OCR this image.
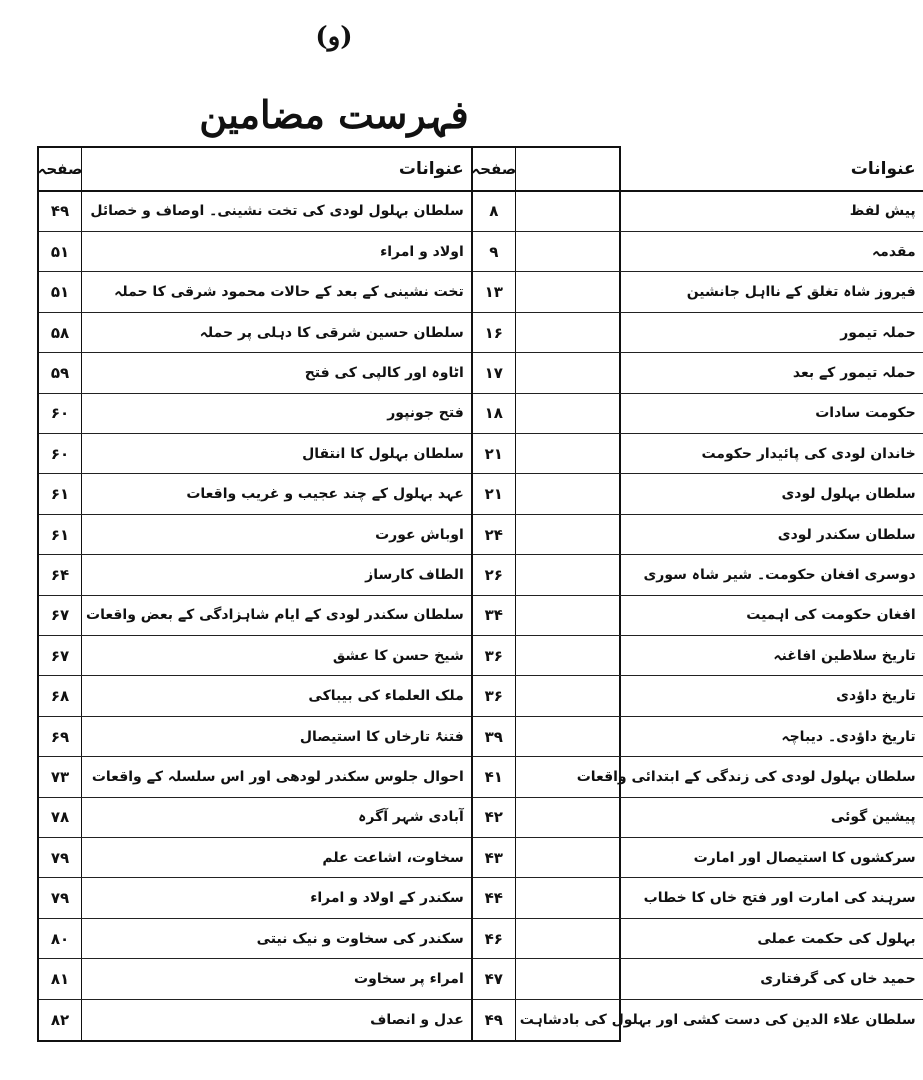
(و)
فہرست مضامین
صفحہ	عنوانات
۴۹	سلطان بہلول لودی کی تخت نشینی۔ اوصاف و خصائل
۵۱	اولاد و امراء
۵۱	تخت نشینی کے بعد کے حالات محمود شرقی کا حملہ
۵۸	سلطان حسین شرقی کا دہلی پر حملہ
۵۹	اٹاوہ اور کالپی کی فتح
۶۰	فتح جونپور
۶۰	سلطان بہلول کا انتقال
۶۱	عہد بہلول کے چند عجیب و غریب واقعات
۶۱	اوباش عورت
۶۴	الطاف کارساز
۶۷	سلطان سکندر لودی کے ایام شاہزادگی کے بعض واقعات
۶۷	شیخ حسن کا عشق
۶۸	ملک العلماء کی بیباکی
۶۹	فتنۂ تارخاں کا استیصال
۷۳	احوال جلوس سکندر لودھی اور اس سلسلہ کے واقعات
۷۸	آبادی شہر آگرہ
۷۹	سخاوت، اشاعت علم
۷۹	سکندر کے اولاد و امراء
۸۰	سکندر کی سخاوت و نیک نیتی
۸۱	امراء پر سخاوت
۸۲	عدل و انصاف
صفحہ	عنوانات
۸	پیش لفظ
۹	مقدمہ
۱۳	فیروز شاہ تغلق کے نااہل جانشین
۱۶	حملہ تیمور
۱۷	حملہ تیمور کے بعد
۱۸	حکومت سادات
۲۱	خاندان لودی کی پائیدار حکومت
۲۱	سلطان بہلول لودی
۲۴	سلطان سکندر لودی
۲۶	دوسری افغان حکومت۔ شیر شاہ سوری
۳۴	افغان حکومت کی اہمیت
۳۶	تاریخ سلاطین افاغنہ
۳۶	تاریخ داؤدی
۳۹	تاریخ داؤدی۔ دیباچہ
۴۱	سلطان بہلول لودی کی زندگی کے ابتدائی واقعات
۴۲	پیشین گوئی
۴۳	سرکشوں کا استیصال اور امارت
۴۴	سرہند کی امارت اور فتح خاں کا خطاب
۴۶	بہلول کی حکمت عملی
۴۷	حمید خاں کی گرفتاری
۴۹	سلطان علاء الدین کی دست کشی اور بہلول کی بادشاہت
